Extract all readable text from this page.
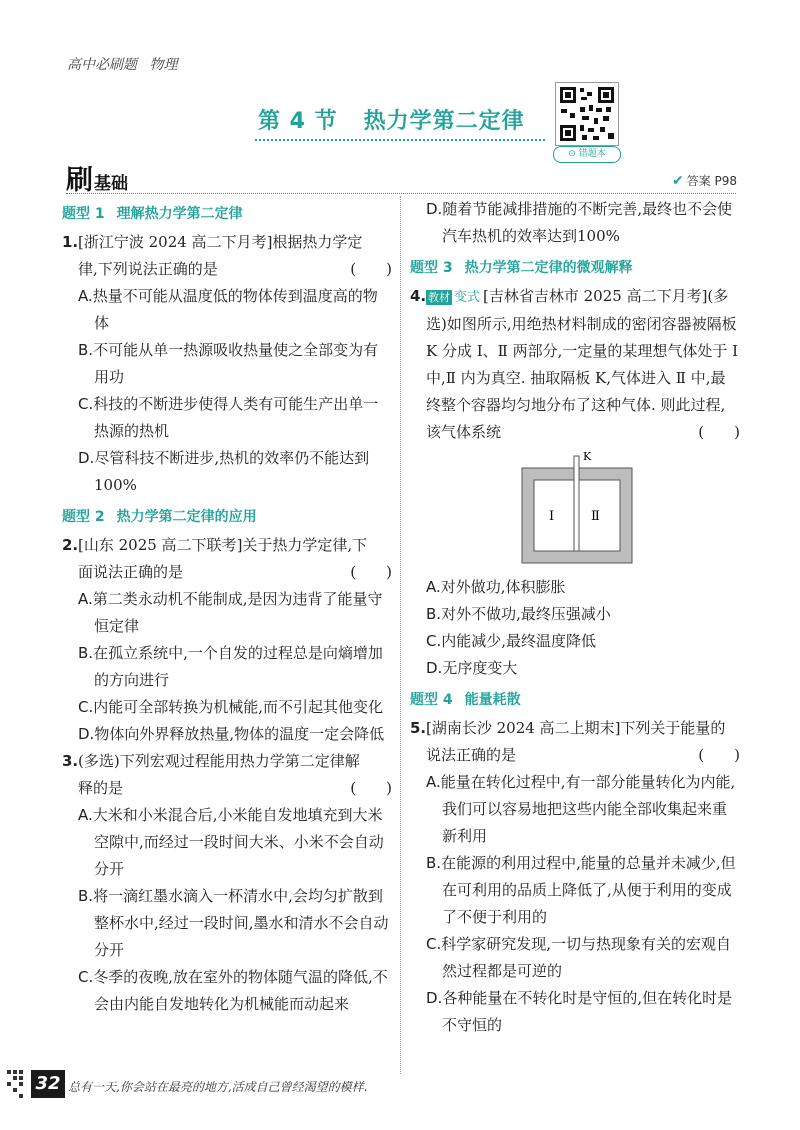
高中必刷题 物理
第 4 节 热力学第二定律
⊙ 错题本
刷基础	✔ 答案 P98
题型 1 理解热力学第二定律
1. [浙江宁波 2024 高二下月考]根据热力学定
律,下列说法正确的是	(　　)
A.热量不可能从温度低的物体传到温度高的物体
B.不可能从单一热源吸收热量使之全部变为有用功
C.科技的不断进步使得人类有可能生产出单一热源的热机
D.尽管科技不断进步,热机的效率仍不能达到100%
题型 2 热力学第二定律的应用
2. [山东 2025 高二下联考]关于热力学定律,下
面说法正确的是	(　　)
A.第二类永动机不能制成,是因为违背了能量守恒定律
B.在孤立系统中,一个自发的过程总是向熵增加的方向进行
C.内能可全部转换为机械能,而不引起其他变化
D.物体向外界释放热量,物体的温度一定会降低
3. (多选)下列宏观过程能用热力学第二定律解
释的是	(　　)
A.大米和小米混合后,小米能自发地填充到大米空隙中,而经过一段时间大米、小米不会自动分开
B.将一滴红墨水滴入一杯清水中,会均匀扩散到整杯水中,经过一段时间,墨水和清水不会自动分开
C.冬季的夜晚,放在室外的物体随气温的降低,不会由内能自发地转化为机械能而动起来
D.随着节能减排措施的不断完善,最终也不会使汽车热机的效率达到100%
题型 3 热力学第二定律的微观解释
4. 教材 变式 [吉林省吉林市 2025 高二下月考](多选)如图所示,用绝热材料制成的密闭容器被隔板 K 分成 Ⅰ、Ⅱ 两部分,一定量的某理想气体处于 Ⅰ 中,Ⅱ 内为真空. 抽取隔板 K,气体进入 Ⅱ 中,最终整个容器均匀地分布了这种气体. 则此过程,该气体系统	(　　)
K
Ⅰ	Ⅱ
A.对外做功,体积膨胀
B.对外不做功,最终压强减小
C.内能减少,最终温度降低
D.无序度变大
题型 4 能量耗散
5. [湖南长沙 2024 高二上期末]下列关于能量的
说法正确的是	(　　)
A.能量在转化过程中,有一部分能量转化为内能,我们可以容易地把这些内能全部收集起来重新利用
B.在能源的利用过程中,能量的总量并未减少,但在可利用的品质上降低了,从便于利用的变成了不便于利用的
C.科学家研究发现,一切与热现象有关的宏观自然过程都是可逆的
D.各种能量在不转化时是守恒的,但在转化时是不守恒的
32 总有一天,你会站在最亮的地方,活成自己曾经渴望的模样.
